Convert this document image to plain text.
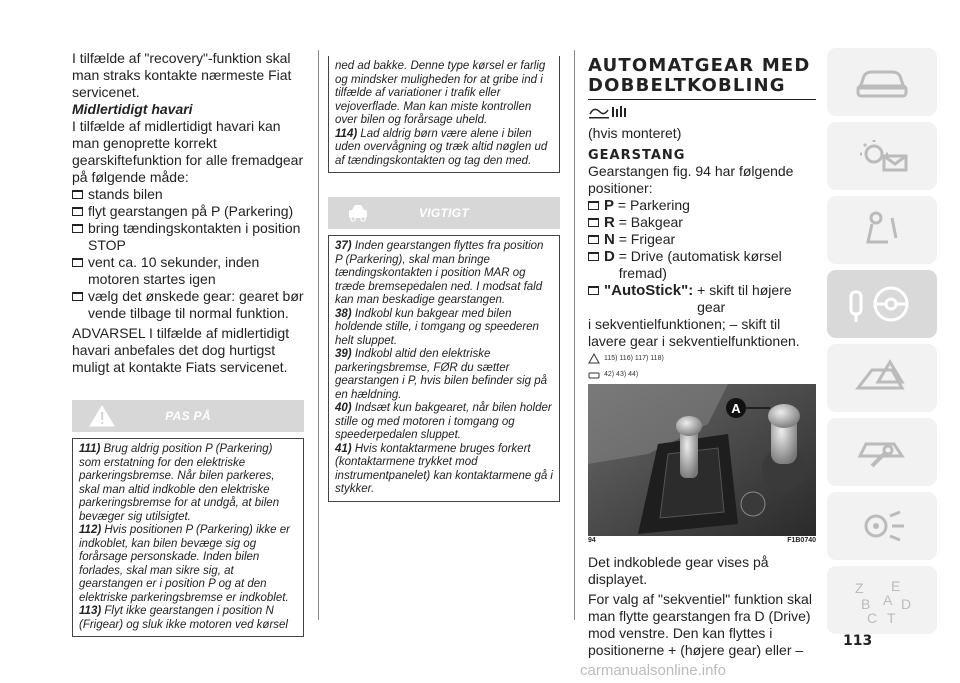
I tilfælde af "recovery"-funktion skal man straks kontakte nærmeste Fiat servicenet.

Midlertidigt havari

I tilfælde af midlertidigt havari kan man genoprette korrekt gearskiftefunktion for alle fremadgear på følgende måde:

stands bilen
flyt gearstangen på P (Parkering)
bring tændingskontakten i position STOP
vent ca. 10 sekunder, inden motoren startes igen
vælg det ønskede gear: gearet bør vende tilbage til normal funktion.

ADVARSEL I tilfælde af midlertidigt havari anbefales det dog hurtigst muligt at kontakte Fiats servicenet.

PAS PÅ

111) Brug aldrig position P (Parkering) som erstatning for den elektriske parkeringsbremse. Når bilen parkeres, skal man altid indkoble den elektriske parkeringsbremse for at undgå, at bilen bevæger sig utilsigtet.

112) Hvis positionen P (Parkering) ikke er indkoblet, kan bilen bevæge sig og forårsage personskade. Inden bilen forlades, skal man sikre sig, at gearstangen er i position P og at den elektriske parkeringsbremse er indkoblet.

113) Flyt ikke gearstangen i position N (Frigear) og sluk ikke motoren ved kørsel

ned ad bakke. Denne type kørsel er farlig og mindsker muligheden for at gribe ind i tilfælde af variationer i trafik eller vejoverflade. Man kan miste kontrollen over bilen og forårsage uheld.

114) Lad aldrig børn være alene i bilen uden overvågning og træk altid nøglen ud af tændingskontakten og tag den med.

VIGTIGT

37) Inden gearstangen flyttes fra position P (Parkering), skal man bringe tændingskontakten i position MAR og træde bremsepedalen ned. I modsat fald kan man beskadige gearstangen.

38) Indkobl kun bakgear med bilen holdende stille, i tomgang og speederen helt sluppet.

39) Indkobl altid den elektriske parkeringsbremse, FØR du sætter gearstangen i P, hvis bilen befinder sig på en hældning.

40) Indsæt kun bakgearet, når bilen holder stille og med motoren i tomgang og speederpedalen sluppet.

41) Hvis kontaktarmene bruges forkert (kontaktarmene trykket mod instrumentpanelet) kan kontaktarmene gå i stykker.

AUTOMATGEAR MED
DOBBELTKOBLING

(hvis monteret)

GEARSTANG

Gearstangen fig. 94 har følgende positioner:

P
= Parkering
R
= Bakgear
N
= Frigear
D
= Drive (automatisk kørsel fremad)
"AutoStick":
+ skift til højere gear

i sekventielfunktionen; – skift til lavere gear i sekventielfunktionen.

115) 116) 117) 118)
42) 43) 44)
A
94	F1B0740

Det indkoblede gear vises på displayet.

For valg af "sekventiel" funktion skal man flytte gearstangen fra D (Drive) mod venstre. Den kan flyttes i positionerne + (højere gear) eller –

Z E
B D
A
C T
113
carmanualsonline.info
